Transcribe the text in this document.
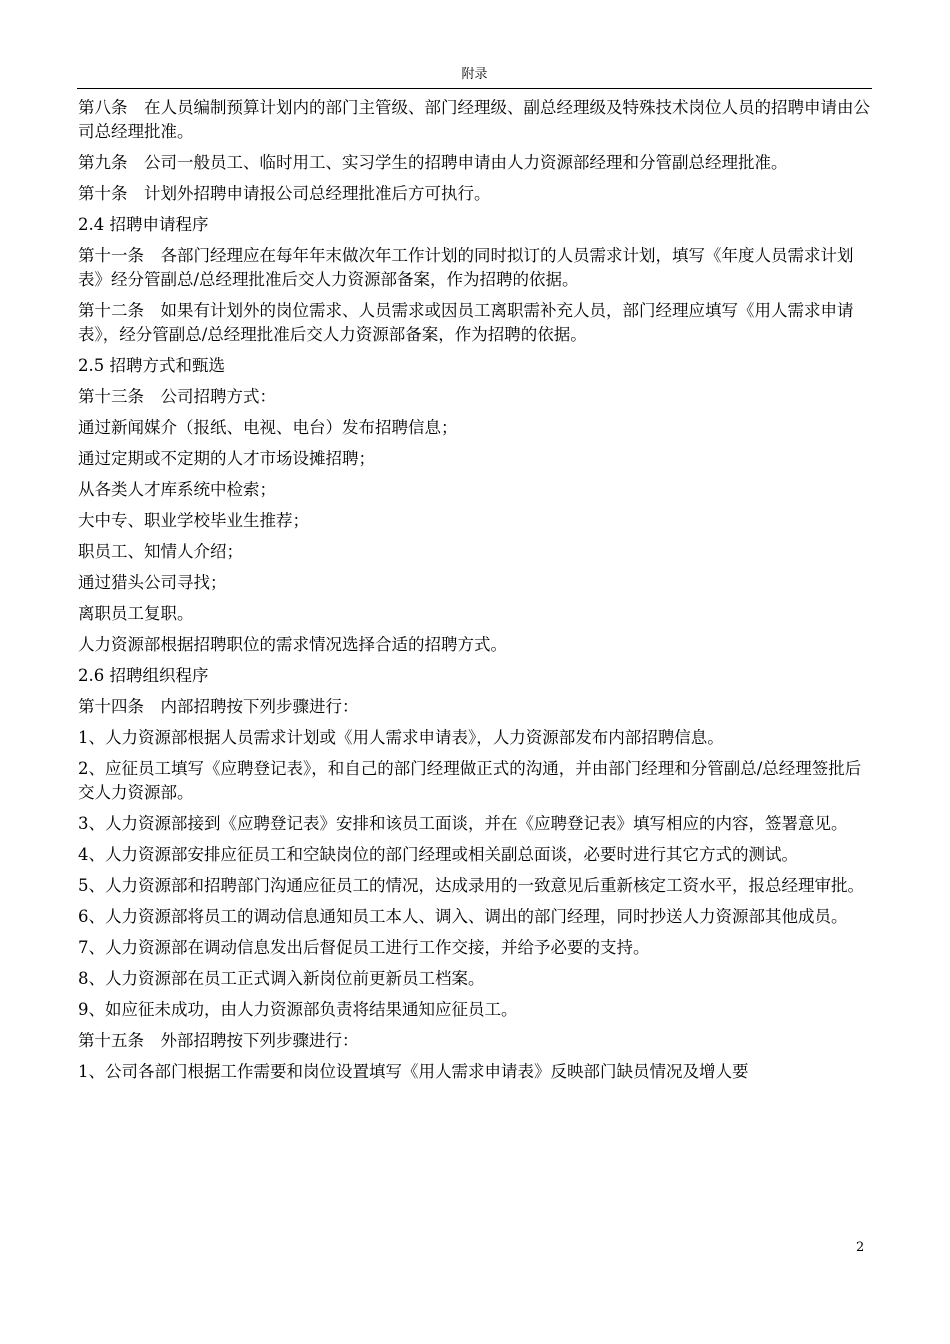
附录

第八条　在人员编制预算计划内的部门主管级、部门经理级、副总经理级及特殊技术岗位人员的招聘申请由公司总经理批准。

第九条　公司一般员工、临时用工、实习学生的招聘申请由人力资源部经理和分管副总经理批准。

第十条　计划外招聘申请报公司总经理批准后方可执行。

2.4 招聘申请程序

第十一条　各部门经理应在每年年末做次年工作计划的同时拟订的人员需求计划，填写《年度人员需求计划表》经分管副总/总经理批准后交人力资源部备案，作为招聘的依据。

第十二条　如果有计划外的岗位需求、人员需求或因员工离职需补充人员，部门经理应填写《用人需求申请表》，经分管副总/总经理批准后交人力资源部备案，作为招聘的依据。

2.5 招聘方式和甄选

第十三条　公司招聘方式：

通过新闻媒介（报纸、电视、电台）发布招聘信息；

通过定期或不定期的人才市场设摊招聘；

从各类人才库系统中检索；

大中专、职业学校毕业生推荐；

职员工、知情人介绍；

通过猎头公司寻找；

离职员工复职。

人力资源部根据招聘职位的需求情况选择合适的招聘方式。

2.6 招聘组织程序

第十四条　内部招聘按下列步骤进行：

1、人力资源部根据人员需求计划或《用人需求申请表》，人力资源部发布内部招聘信息。

2、应征员工填写《应聘登记表》，和自己的部门经理做正式的沟通，并由部门经理和分管副总/总经理签批后交人力资源部。

3、人力资源部接到《应聘登记表》安排和该员工面谈，并在《应聘登记表》填写相应的内容，签署意见。

4、人力资源部安排应征员工和空缺岗位的部门经理或相关副总面谈，必要时进行其它方式的测试。

5、人力资源部和招聘部门沟通应征员工的情况，达成录用的一致意见后重新核定工资水平，报总经理审批。

6、人力资源部将员工的调动信息通知员工本人、调入、调出的部门经理，同时抄送人力资源部其他成员。

7、人力资源部在调动信息发出后督促员工进行工作交接，并给予必要的支持。

8、人力资源部在员工正式调入新岗位前更新员工档案。

9、如应征未成功，由人力资源部负责将结果通知应征员工。

第十五条　外部招聘按下列步骤进行：

1、公司各部门根据工作需要和岗位设置填写《用人需求申请表》反映部门缺员情况及增人要

2
